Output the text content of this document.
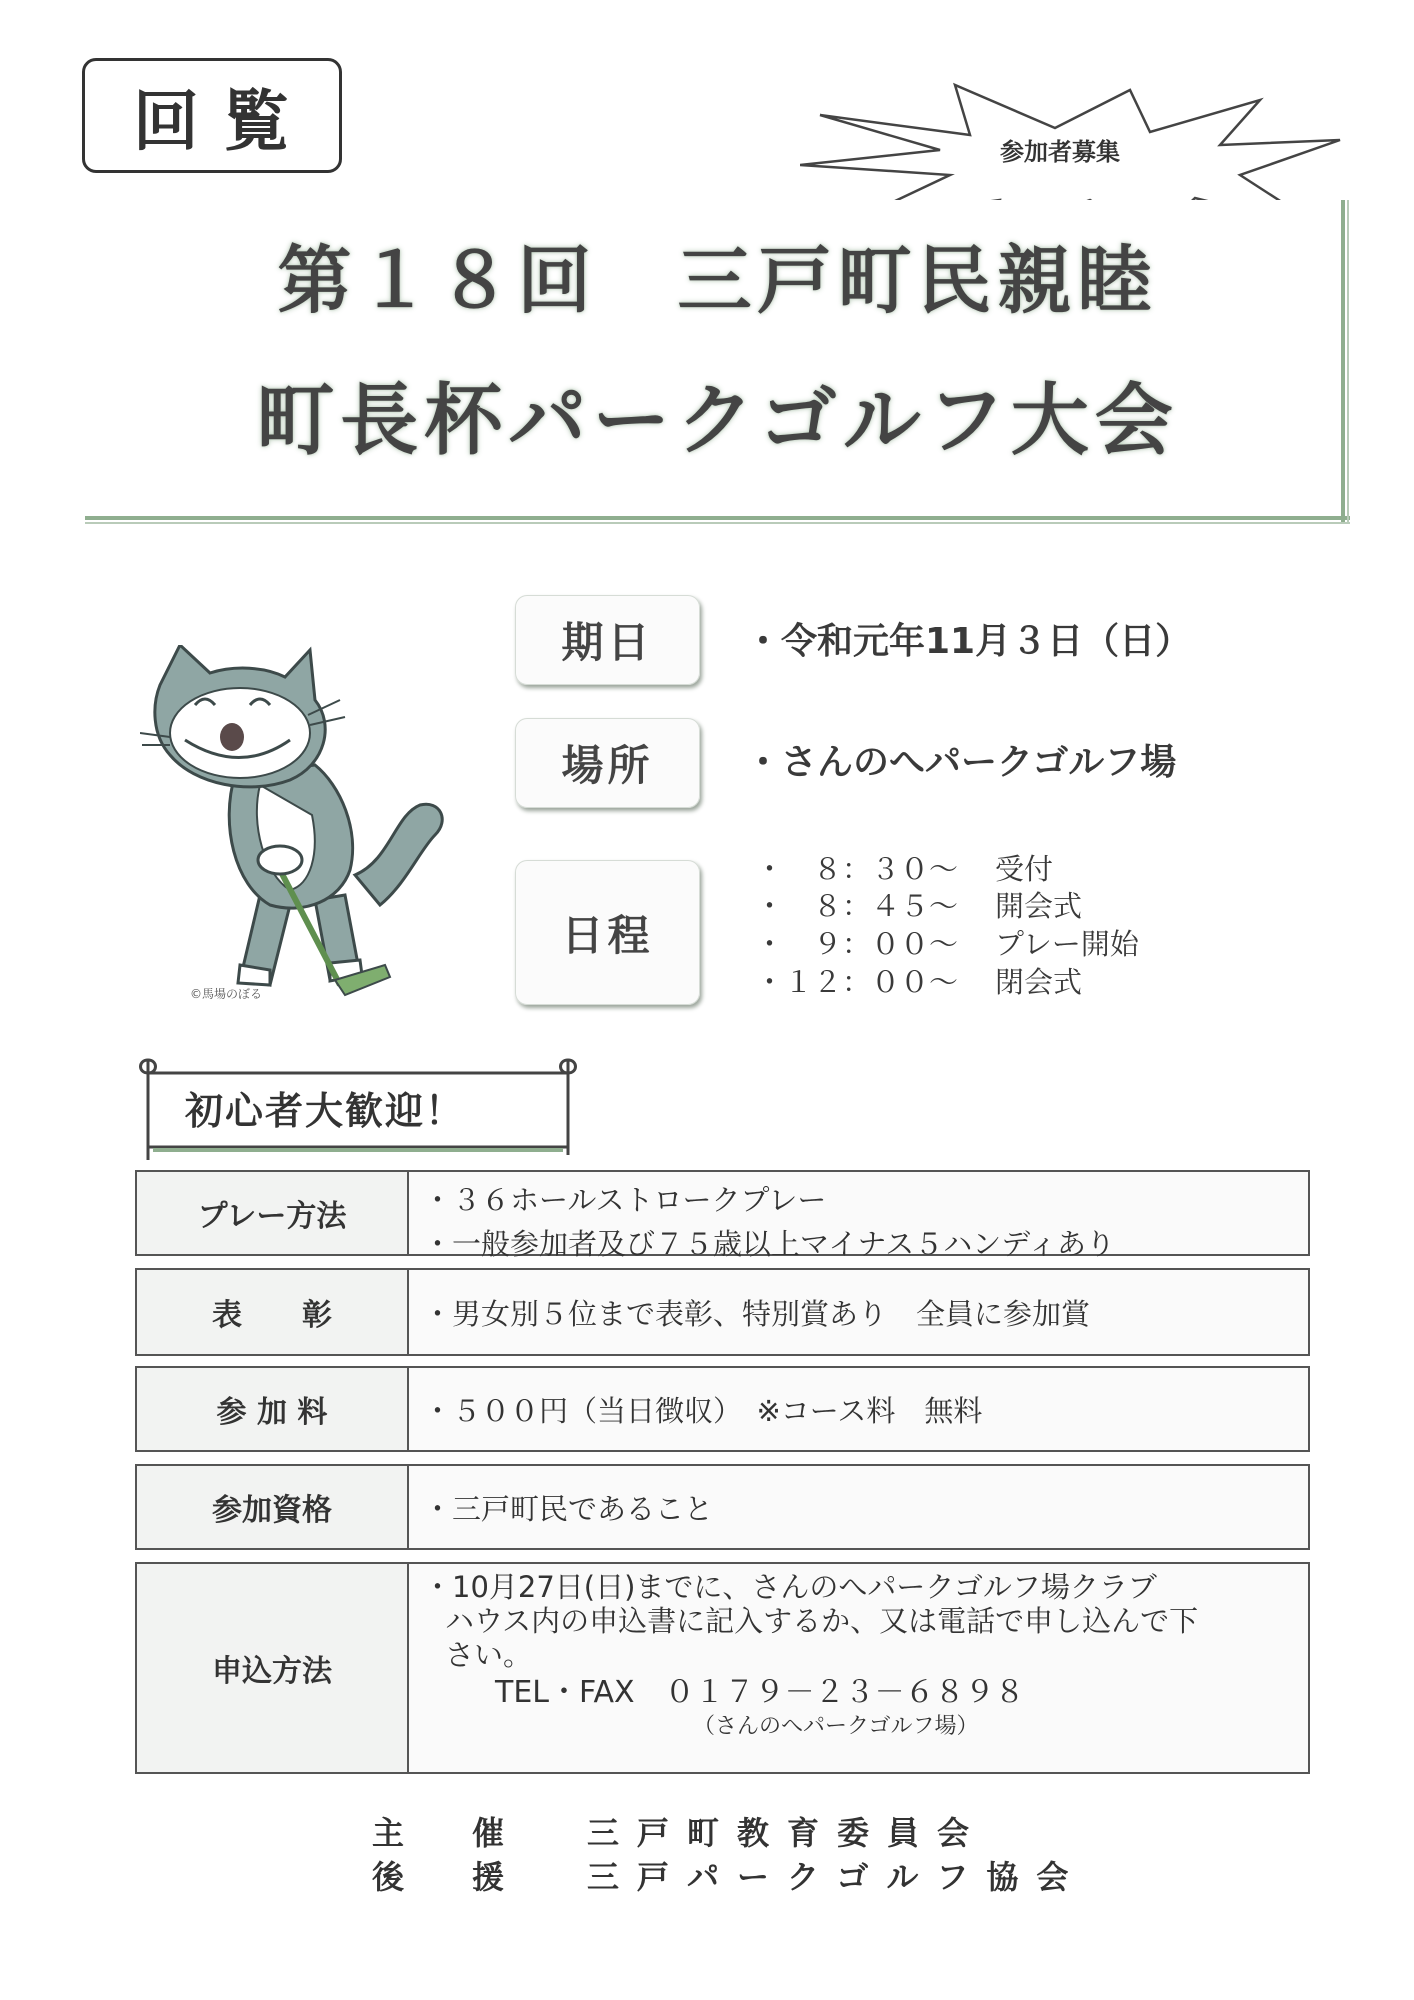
回覧	参加者募集
第１８回　三戸町民親睦
町長杯パークゴルフ大会
©馬場のぼる
期日	・令和元年11月３日（日）
場所	・さんのへパークゴルフ場
日程
・　８：３０～	受付
・　８：４５～	開会式
・　９：００～	プレー開始
・１２：００～	閉会式
初心者大歓迎！
プレー方法	・３６ホールストロークプレー
・一般参加者及び７５歳以上マイナス５ハンディあり
表　　彰	・男女別５位まで表彰、特別賞あり　全員に参加賞
参 加 料	・５００円（当日徴収）　※コース料　無料
参加資格	・三戸町民であること
申込方法
・10月27日(日)までに、さんのへパークゴルフ場クラブ
ハウス内の申込書に記入するか、又は電話で申し込んで下
さい。
TEL・FAX　０１７９－２３－６８９８
（さんのへパークゴルフ場）
主　催	三戸町教育委員会
後　援	三戸パークゴルフ協会
